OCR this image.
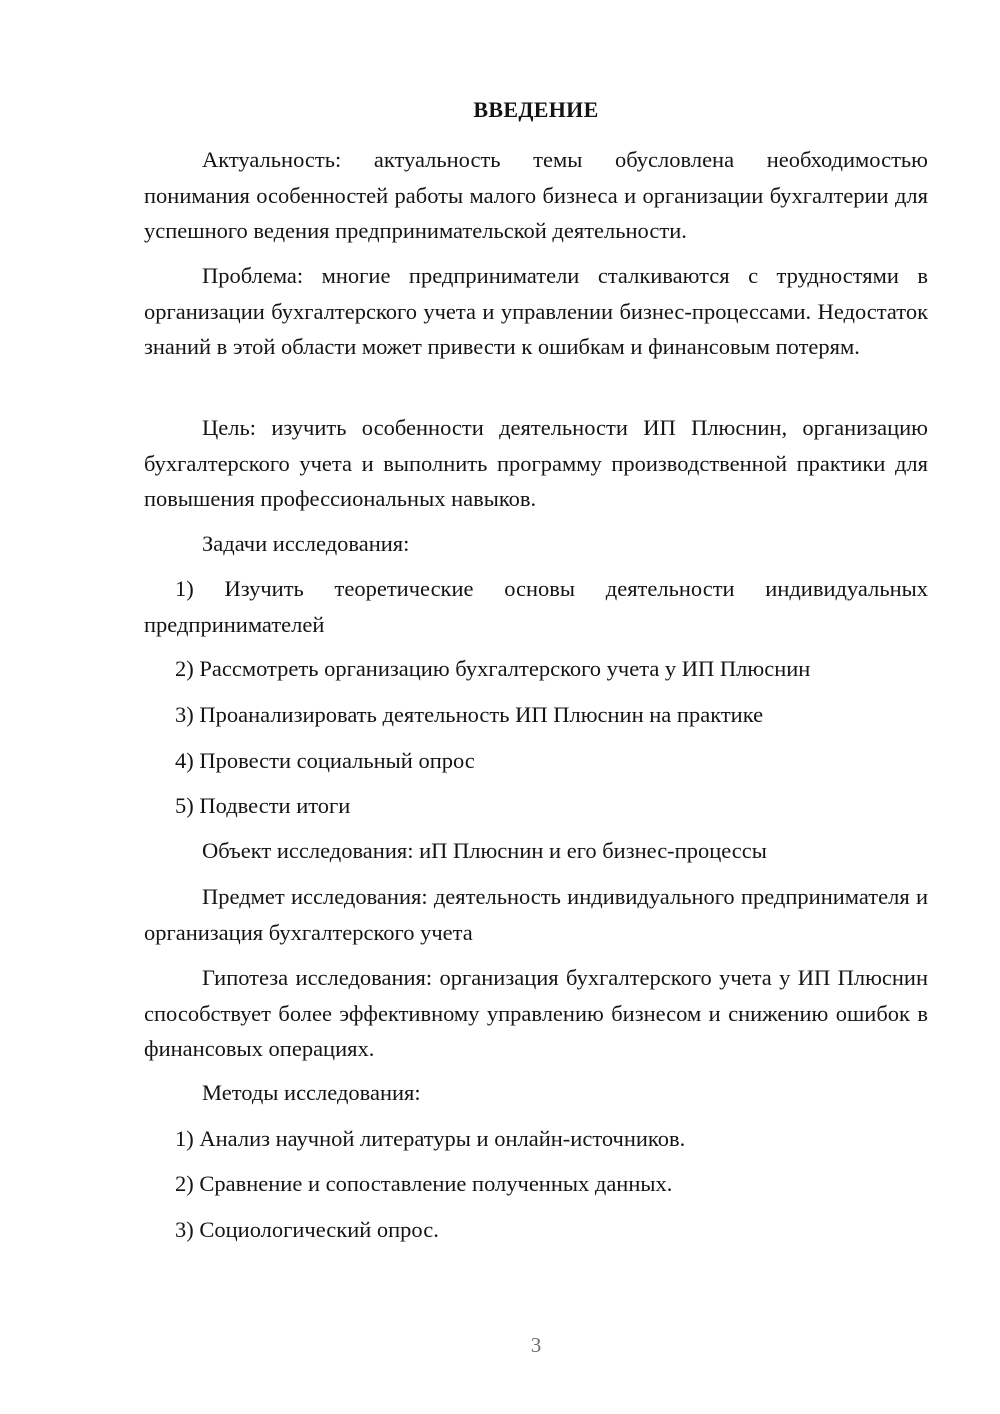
ВВЕДЕНИЕ

Актуальность: актуальность темы обусловлена необходимостью понимания особенностей работы малого бизнеса и организации бухгалтерии для успешного ведения предпринимательской деятельности.

Проблема: многие предприниматели сталкиваются с трудностями в организации бухгалтерского учета и управлении бизнес-процессами. Недостаток знаний в этой области может привести к ошибкам и финансовым потерям.

Цель: изучить особенности деятельности ИП Плюснин, организацию бухгалтерского учета и выполнить программу производственной практики для повышения профессиональных навыков.

Задачи исследования:

1) Изучить теоретические основы деятельности индивидуальных предпринимателей

2) Рассмотреть организацию бухгалтерского учета у ИП Плюснин

3) Проанализировать деятельность ИП Плюснин на практике

4) Провести социальный опрос

5) Подвести итоги

Объект исследования: иП Плюснин и его бизнес-процессы

Предмет исследования: деятельность индивидуального предпринимателя и организация бухгалтерского учета

Гипотеза исследования: организация бухгалтерского учета у ИП Плюснин способствует более эффективному управлению бизнесом и снижению ошибок в финансовых операциях.

Методы исследования:

1) Анализ научной литературы и онлайн-источников.

2) Сравнение и сопоставление полученных данных.

3) Социологический опрос.

3
